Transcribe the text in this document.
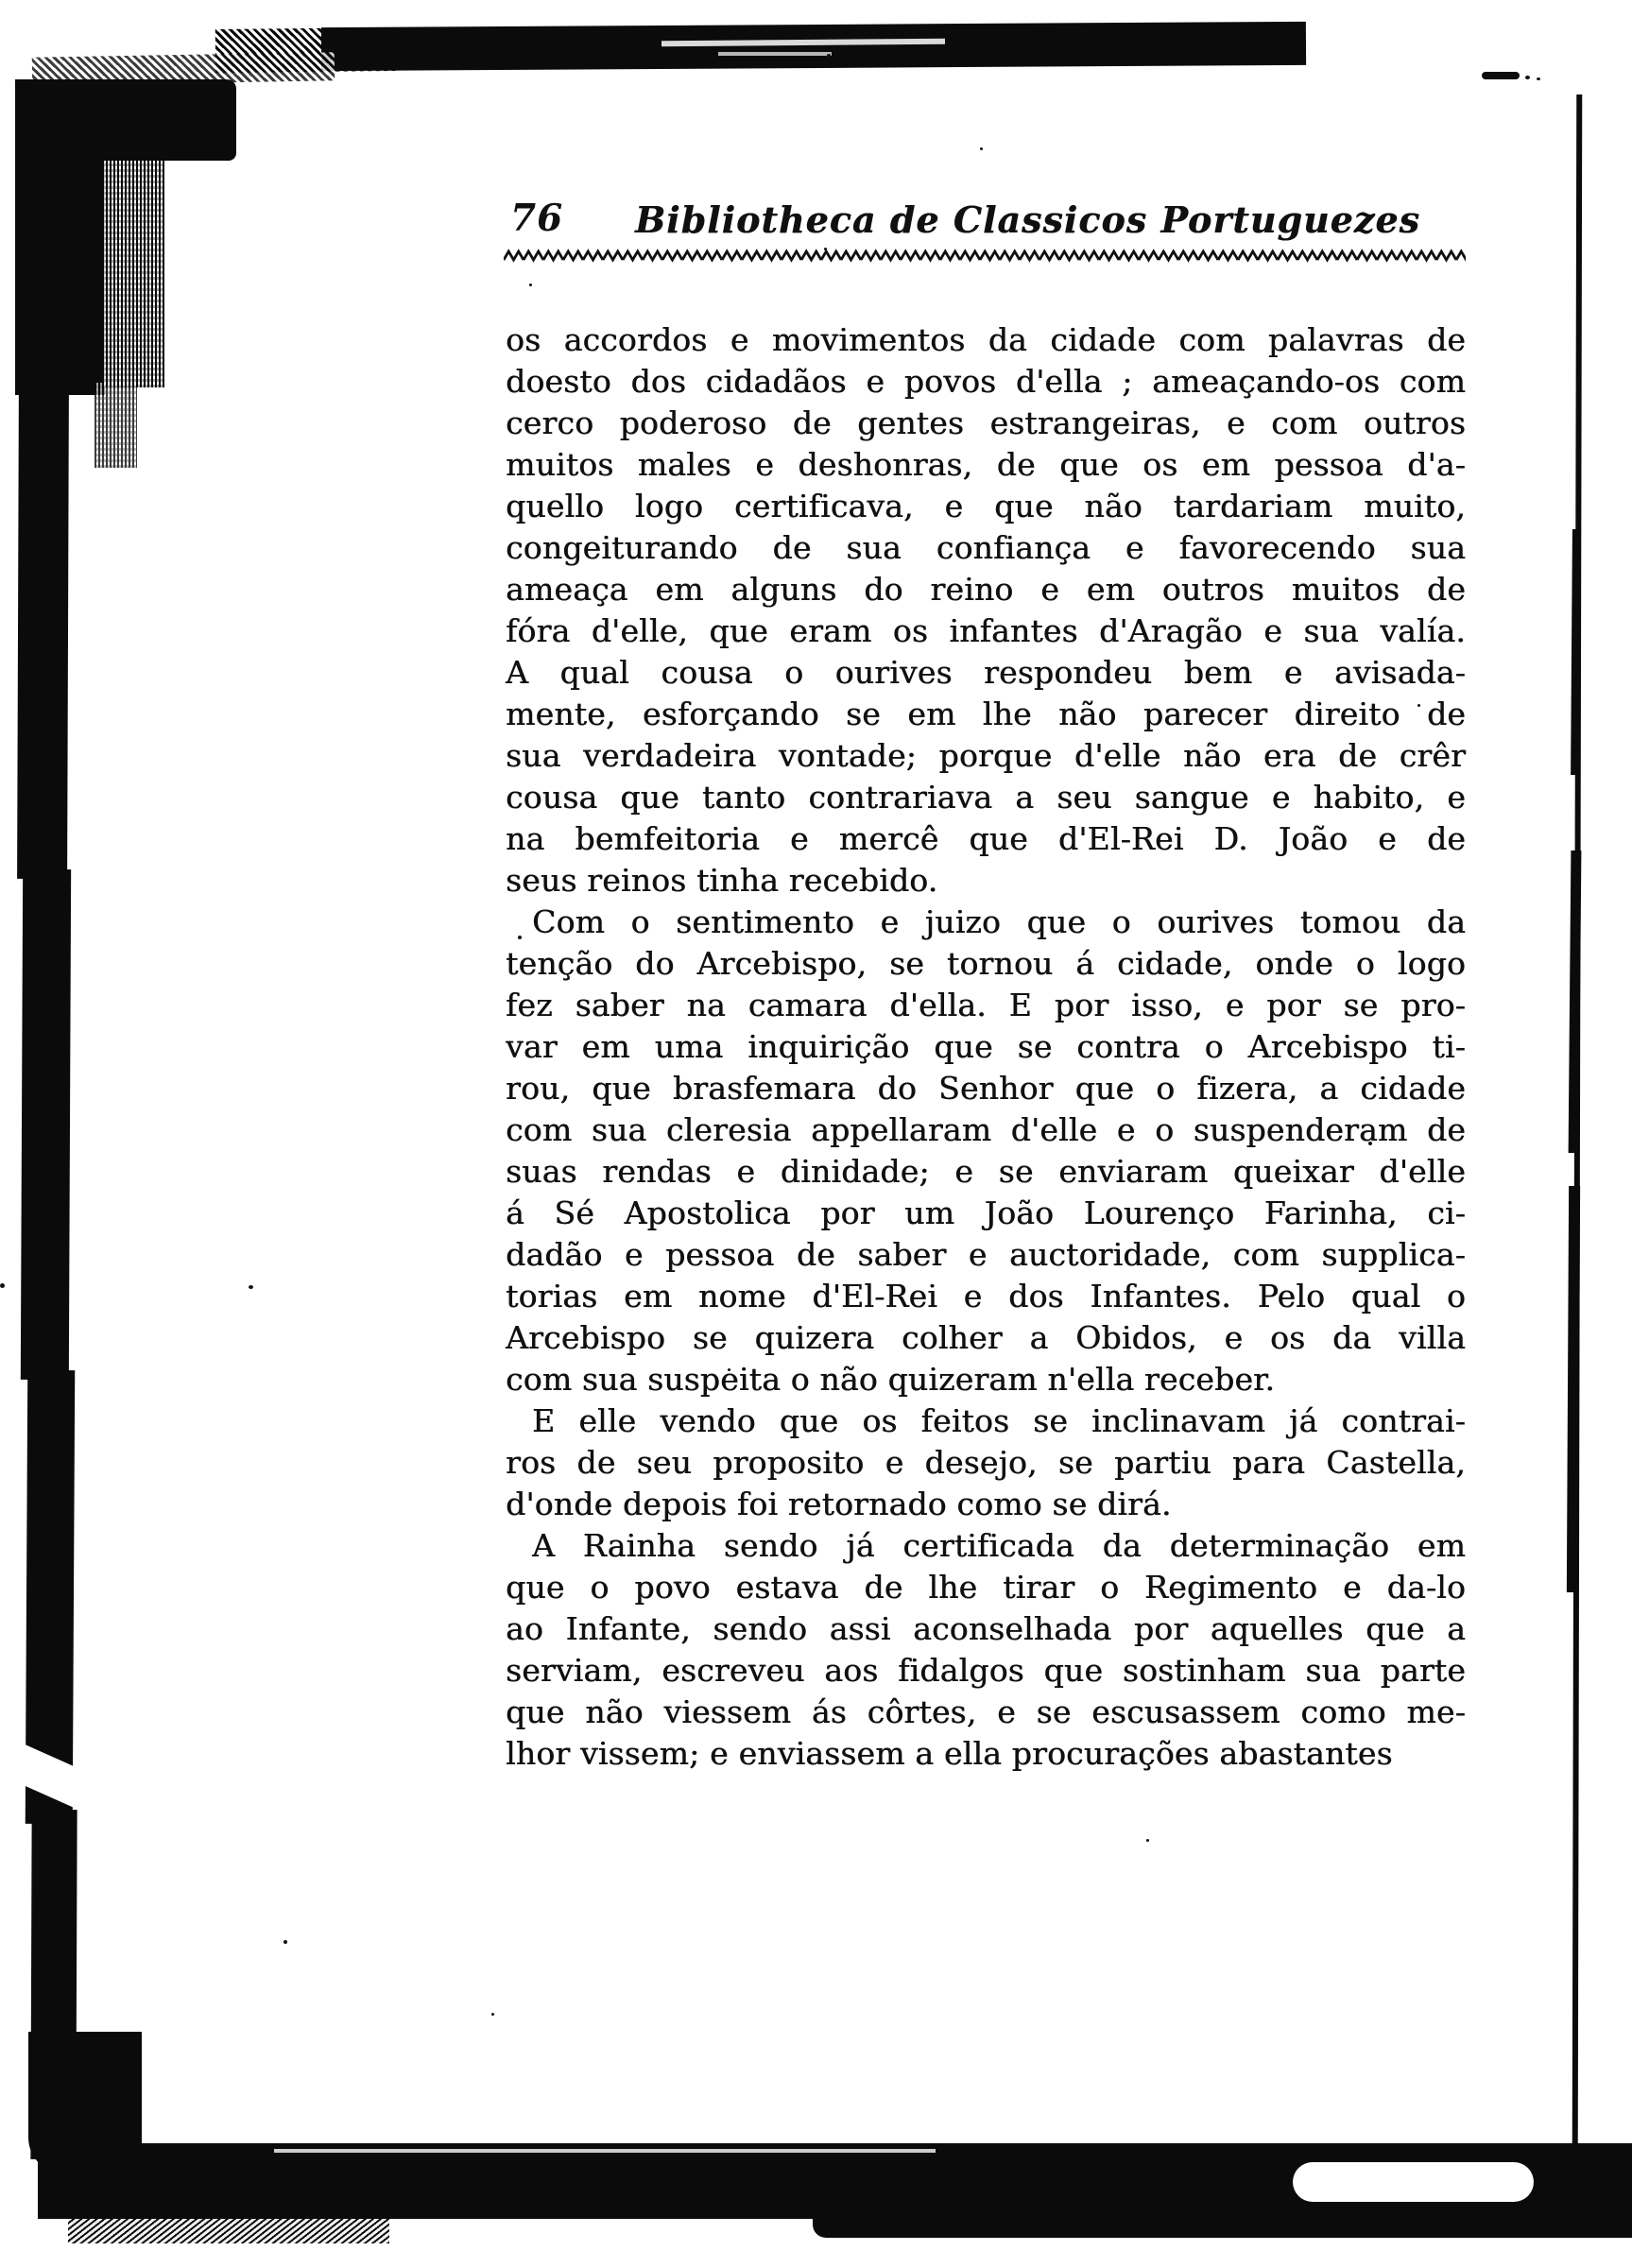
76	Bibliotheca de Classicos Portuguezes
os accordos e movimentos da cidade com palavras de
doesto dos cidadãos e povos d'ella ; ameaçando-os com
cerco poderoso de gentes estrangeiras, e com outros
muitos males e deshonras, de que os em pessoa d'a-
quello logo certificava, e que não tardariam muito,
congeiturando de sua confiança e favorecendo sua
ameaça em alguns do reino e em outros muitos de
fóra d'elle, que eram os infantes d'Aragão e sua valía.
A qual cousa o ourives respondeu bem e avisada-
mente, esforçando se em lhe não parecer direito de
sua verdadeira vontade; porque d'elle não era de crêr
cousa que tanto contrariava a seu sangue e habito, e
na bemfeitoria e mercê que d'El-Rei D. João e de
seus reinos tinha recebido.
Com o sentimento e juizo que o ourives tomou da
tenção do Arcebispo, se tornou á cidade, onde o logo
fez saber na camara d'ella. E por isso, e por se pro-
var em uma inquirição que se contra o Arcebispo ti-
rou, que brasfemara do Senhor que o fizera, a cidade
com sua cleresia appellaram d'elle e o suspenderam de
suas rendas e dinidade; e se enviaram queixar d'elle
á Sé Apostolica por um João Lourenço Farinha, ci-
dadão e pessoa de saber e auctoridade, com supplica-
torias em nome d'El-Rei e dos Infantes. Pelo qual o
Arcebispo se quizera colher a Obidos, e os da villa
com sua suspeita o não quizeram n'ella receber.
E elle vendo que os feitos se inclinavam já contrai-
ros de seu proposito e desejo, se partiu para Castella,
d'onde depois foi retornado como se dirá.
A Rainha sendo já certificada da determinação em
que o povo estava de lhe tirar o Regimento e da-lo
ao Infante, sendo assi aconselhada por aquelles que a
serviam, escreveu aos fidalgos que sostinham sua parte
que não viessem ás côrtes, e se escusassem como me-
lhor vissem; e enviassem a ella procurações abastantes
